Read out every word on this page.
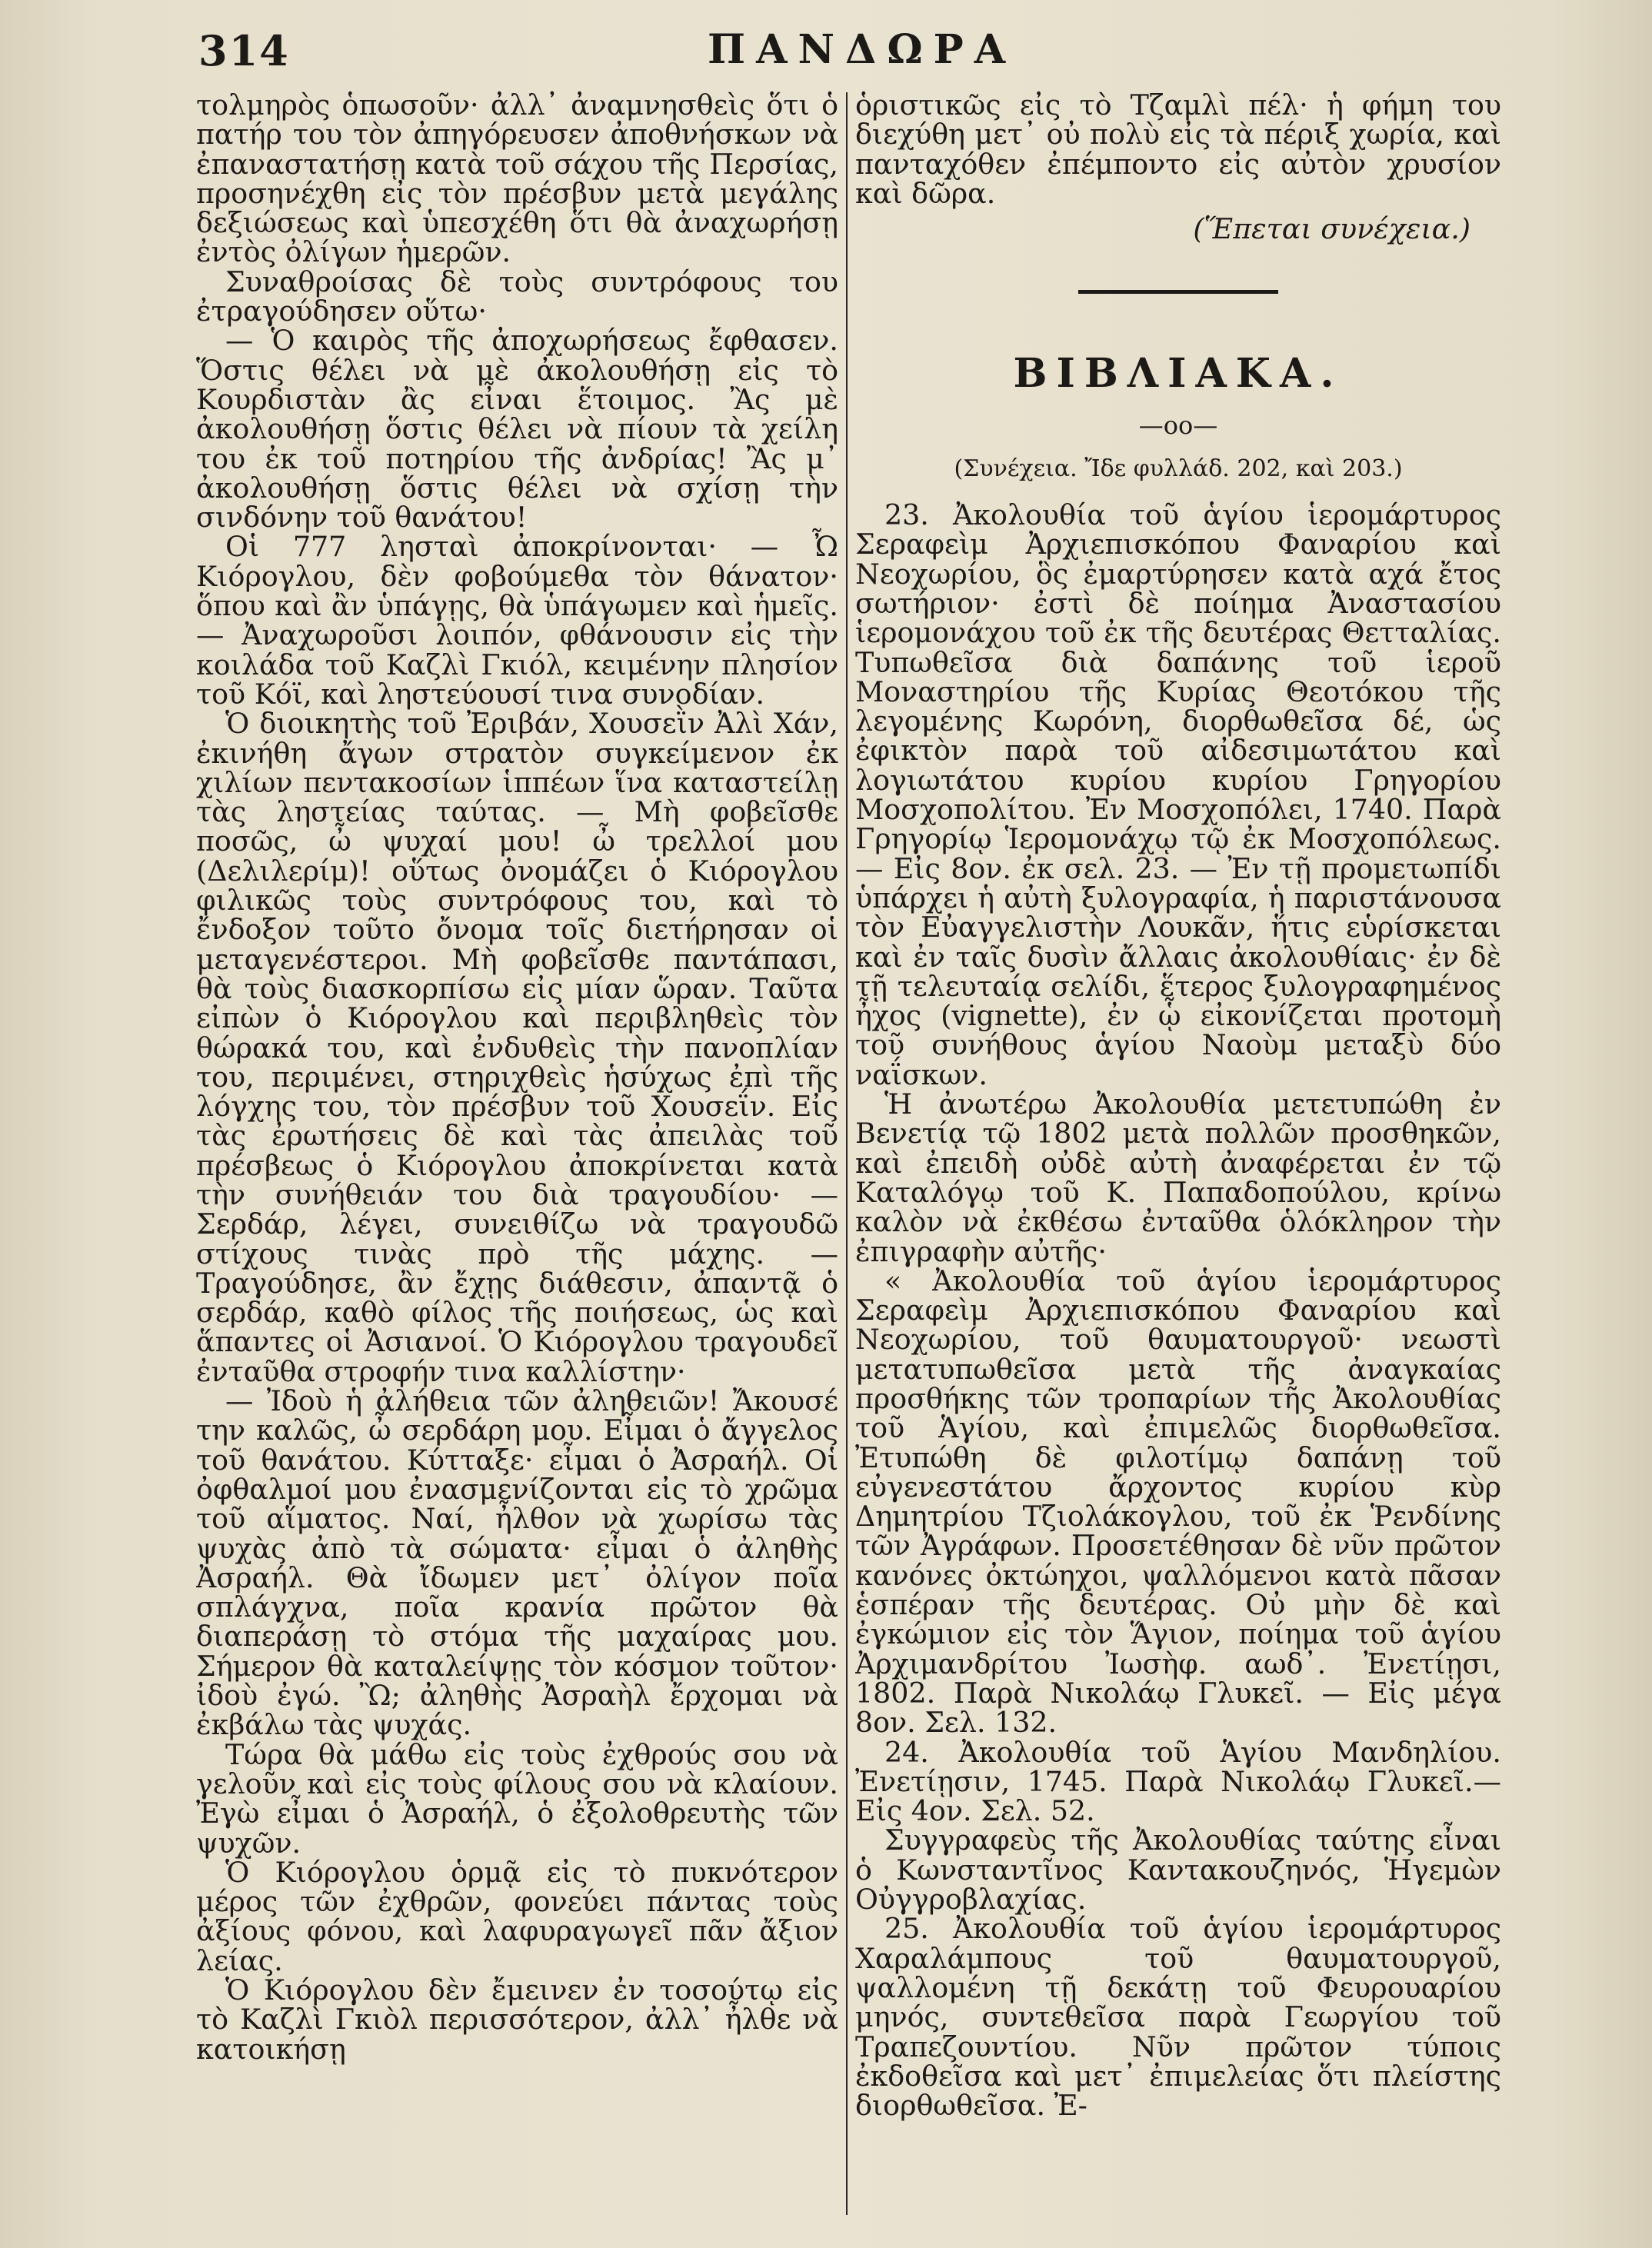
314	ΠΑΝΔΩΡΑ

τολμηρὸς ὁπωσοῦν· ἀλλ᾽ ἀναμνησθεὶς ὅτι ὁ πατήρ του τὸν ἀπηγόρευσεν ἀποθνήσκων νὰ ἐπαναστατήσῃ κατὰ τοῦ σάχου τῆς Περσίας, προσηνέχθη εἰς τὸν πρέσβυν μετὰ μεγάλης δεξιώσεως καὶ ὑπεσχέθη ὅτι θὰ ἀναχωρήσῃ ἐντὸς ὀλίγων ἡμερῶν.

Συναθροίσας δὲ τοὺς συντρόφους του ἐτραγούδησεν οὕτω·

— Ὁ καιρὸς τῆς ἀποχωρήσεως ἔφθασεν. Ὅστις θέλει νὰ μὲ ἀκολουθήσῃ εἰς τὸ Κουρδιστὰν ἂς εἶναι ἕτοιμος. Ἂς μὲ ἀκολουθήσῃ ὅστις θέλει νὰ πίουν τὰ χείλη του ἐκ τοῦ ποτηρίου τῆς ἀνδρίας! Ἂς μ᾽ ἀκολουθήσῃ ὅστις θέλει νὰ σχίσῃ τὴν σινδόνην τοῦ θανάτου!

Οἱ 777 λησταὶ ἀποκρίνονται· — Ὦ Κιόρογλου, δὲν φοβούμεθα τὸν θάνατον· ὅπου καὶ ἂν ὑπάγῃς, θὰ ὑπάγωμεν καὶ ἡμεῖς. — Ἀναχωροῦσι λοιπόν, φθάνουσιν εἰς τὴν κοιλάδα τοῦ Καζλὶ Γκιόλ, κειμένην πλησίον τοῦ Κόϊ, καὶ ληστεύουσί τινα συνοδίαν.

Ὁ διοικητὴς τοῦ Ἐριβάν, Χουσεῒν Ἀλὶ Χάν, ἐκινήθη ἄγων στρατὸν συγκείμενον ἐκ χιλίων πεντακοσίων ἱππέων ἵνα καταστείλῃ τὰς ληστείας ταύτας. — Μὴ φοβεῖσθε ποσῶς, ὦ ψυχαί μου! ὦ τρελλοί μου (Δελιλερίμ)! οὕτως ὀνομάζει ὁ Κιόρογλου φιλικῶς τοὺς συντρόφους του, καὶ τὸ ἔνδοξον τοῦτο ὄνομα τοῖς διετήρησαν οἱ μεταγενέστεροι. Μὴ φοβεῖσθε παντάπασι, θὰ τοὺς διασκορπίσω εἰς μίαν ὥραν. Ταῦτα εἰπὼν ὁ Κιόρογλου καὶ περιβληθεὶς τὸν θώρακά του, καὶ ἐνδυθεὶς τὴν πανοπλίαν του, περιμένει, στηριχθεὶς ἡσύχως ἐπὶ τῆς λόγχης του, τὸν πρέσβυν τοῦ Χουσεΐν. Εἰς τὰς ἐρωτήσεις δὲ καὶ τὰς ἀπειλὰς τοῦ πρέσβεως ὁ Κιόρογλου ἀποκρίνεται κατὰ τὴν συνήθειάν του διὰ τραγουδίου· — Σερδάρ, λέγει, συνειθίζω νὰ τραγουδῶ στίχους τινὰς πρὸ τῆς μάχης. — Τραγούδησε, ἂν ἔχῃς διάθεσιν, ἀπαντᾷ ὁ σερδάρ, καθὸ φίλος τῆς ποιήσεως, ὡς καὶ ἅπαντες οἱ Ἀσιανοί. Ὁ Κιόρογλου τραγουδεῖ ἐνταῦθα στροφήν τινα καλλίστην·

— Ἰδοὺ ἡ ἀλήθεια τῶν ἀληθειῶν! Ἄκουσέ την καλῶς, ὦ σερδάρη μου. Εἶμαι ὁ ἄγγελος τοῦ θανάτου. Κύτταξε· εἶμαι ὁ Ἀσραήλ. Οἱ ὀφθαλμοί μου ἐνασμενίζονται εἰς τὸ χρῶμα τοῦ αἵματος. Ναί, ἦλθον νὰ χωρίσω τὰς ψυχὰς ἀπὸ τὰ σώματα· εἶμαι ὁ ἀληθὴς Ἀσραήλ. Θὰ ἴδωμεν μετ᾽ ὀλίγον ποῖα σπλάγχνα, ποῖα κρανία πρῶτον θὰ διαπεράσῃ τὸ στόμα τῆς μαχαίρας μου. Σήμερον θὰ καταλείψῃς τὸν κόσμον τοῦτον· ἰδοὺ ἐγώ. Ὢ; ἀληθὴς Ἀσραὴλ ἔρχομαι νὰ ἐκβάλω τὰς ψυχάς.

Τώρα θὰ μάθω εἰς τοὺς ἐχθρούς σου νὰ γελοῦν καὶ εἰς τοὺς φίλους σου νὰ κλαίουν. Ἐγὼ εἶμαι ὁ Ἀσραήλ, ὁ ἐξολοθρευτὴς τῶν ψυχῶν.

Ὁ Κιόρογλου ὁρμᾷ εἰς τὸ πυκνότερον μέρος τῶν ἐχθρῶν, φονεύει πάντας τοὺς ἀξίους φόνου, καὶ λαφυραγωγεῖ πᾶν ἄξιον λείας.

Ὁ Κιόρογλου δὲν ἔμεινεν ἐν τοσούτῳ εἰς τὸ Καζλὶ Γκιὸλ περισσότερον, ἀλλ᾽ ἦλθε νὰ κατοικήσῃ

ὁριστικῶς εἰς τὸ Τζαμλὶ πέλ· ἡ φήμη του διεχύθη μετ᾽ οὐ πολὺ εἰς τὰ πέριξ χωρία, καὶ πανταχόθεν ἐπέμποντο εἰς αὐτὸν χρυσίον καὶ δῶρα.

(Ἕπεται συνέχεια.)

ΒΙΒΛΙΑΚΑ.

—oo—

(Συνέχεια. Ἴδε φυλλάδ. 202, καὶ 203.)

23. Ἀκολουθία τοῦ ἁγίου ἱερομάρτυρος Σεραφεὶμ Ἀρχιεπισκόπου Φαναρίου καὶ Νεοχωρίου, ὃς ἐμαρτύρησεν κατὰ αχά ἔτος σωτήριον· ἐστὶ δὲ ποίημα Ἀναστασίου ἱερομονάχου τοῦ ἐκ τῆς δευτέρας Θετταλίας. Τυπωθεῖσα διὰ δαπάνης τοῦ ἱεροῦ Μοναστηρίου τῆς Κυρίας Θεοτόκου τῆς λεγομένης Κωρόνη, διορθωθεῖσα δέ, ὡς ἐφικτὸν παρὰ τοῦ αἰδεσιμωτάτου καὶ λογιωτάτου κυρίου κυρίου Γρηγορίου Μοσχοπολίτου. Ἐν Μοσχοπόλει, 1740. Παρὰ Γρηγορίῳ Ἱερομονάχῳ τῷ ἐκ Μοσχοπόλεως.— Εἰς 8ον. ἐκ σελ. 23. — Ἐν τῇ προμετωπίδι ὑπάρχει ἡ αὐτὴ ξυλογραφία, ἡ παριστάνουσα τὸν Εὐαγγελιστὴν Λουκᾶν, ἥτις εὑρίσκεται καὶ ἐν ταῖς δυσὶν ἄλλαις ἀκολουθίαις· ἐν δὲ τῇ τελευταίᾳ σελίδι, ἕτερος ξυλογραφημένος ἦχος (vignette), ἐν ᾧ εἰκονίζεται προτομὴ τοῦ συνήθους ἁγίου Ναοὺμ μεταξὺ δύο ναΐσκων.

Ἡ ἀνωτέρω Ἀκολουθία μετετυπώθη ἐν Βενετίᾳ τῷ 1802 μετὰ πολλῶν προσθηκῶν, καὶ ἐπειδὴ οὐδὲ αὐτὴ ἀναφέρεται ἐν τῷ Καταλόγῳ τοῦ Κ. Παπαδοπούλου, κρίνω καλὸν νὰ ἐκθέσω ἐνταῦθα ὁλόκληρον τὴν ἐπιγραφὴν αὐτῆς·

« Ἀκολουθία τοῦ ἁγίου ἱερομάρτυρος Σεραφεὶμ Ἀρχιεπισκόπου Φαναρίου καὶ Νεοχωρίου, τοῦ θαυματουργοῦ· νεωστὶ μετατυπωθεῖσα μετὰ τῆς ἀναγκαίας προσθήκης τῶν τροπαρίων τῆς Ἀκολουθίας τοῦ Ἁγίου, καὶ ἐπιμελῶς διορθωθεῖσα. Ἐτυπώθη δὲ φιλοτίμῳ δαπάνῃ τοῦ εὐγενεστάτου ἄρχοντος κυρίου κὺρ Δημητρίου Τζιολάκογλου, τοῦ ἐκ Ῥενδίνης τῶν Ἀγράφων. Προσετέθησαν δὲ νῦν πρῶτον κανόνες ὀκτώηχοι, ψαλλόμενοι κατὰ πᾶσαν ἑσπέραν τῆς δευτέρας. Οὐ μὴν δὲ καὶ ἐγκώμιον εἰς τὸν Ἅγιον, ποίημα τοῦ ἁγίου Ἀρχιμανδρίτου Ἰωσὴφ. αωδ᾽. Ἐνετίῃσι, 1802. Παρὰ Νικολάῳ Γλυκεῖ. — Εἰς μέγα 8ον. Σελ. 132.

24. Ἀκολουθία τοῦ Ἁγίου Μανδηλίου. Ἐνετίῃσιν, 1745. Παρὰ Νικολάῳ Γλυκεῖ.—Εἰς 4ον. Σελ. 52.

Συγγραφεὺς τῆς Ἀκολουθίας ταύτης εἶναι ὁ Κωνσταντῖνος Καντακουζηνός, Ἡγεμὼν Οὐγγροβλαχίας.

25. Ἀκολουθία τοῦ ἁγίου ἱερομάρτυρος Χαραλάμπους τοῦ θαυματουργοῦ, ψαλλομένη τῇ δεκάτῃ τοῦ Φευρουαρίου μηνός, συντεθεῖσα παρὰ Γεωργίου τοῦ Τραπεζουντίου. Νῦν πρῶτον τύποις ἐκδοθεῖσα καὶ μετ᾽ ἐπιμελείας ὅτι πλείστης διορθωθεῖσα. Ἐ-
